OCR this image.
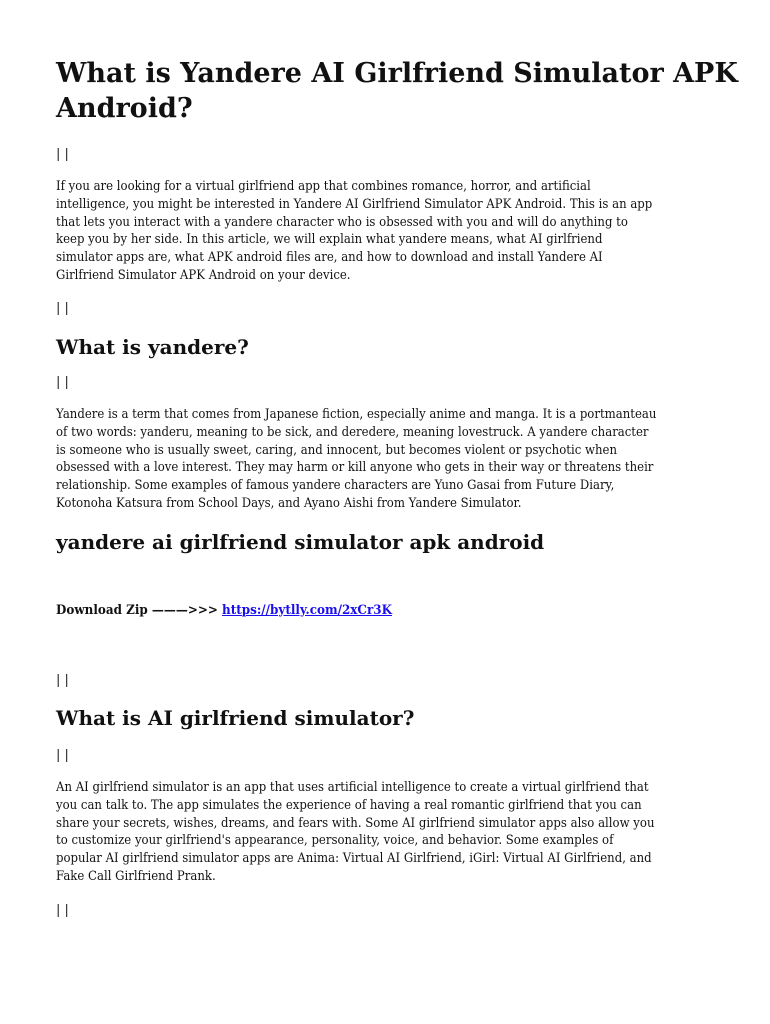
What is Yandere AI Girlfriend Simulator APK
Android?
| |
If you are looking for a virtual girlfriend app that combines romance, horror, and artificial
intelligence, you might be interested in Yandere AI Girlfriend Simulator APK Android. This is an app
that lets you interact with a yandere character who is obsessed with you and will do anything to
keep you by her side. In this article, we will explain what yandere means, what AI girlfriend
simulator apps are, what APK android files are, and how to download and install Yandere AI
Girlfriend Simulator APK Android on your device.
| |
What is yandere?
| |
Yandere is a term that comes from Japanese fiction, especially anime and manga. It is a portmanteau
of two words: yanderu, meaning to be sick, and deredere, meaning lovestruck. A yandere character
is someone who is usually sweet, caring, and innocent, but becomes violent or psychotic when
obsessed with a love interest. They may harm or kill anyone who gets in their way or threatens their
relationship. Some examples of famous yandere characters are Yuno Gasai from Future Diary,
Kotonoha Katsura from School Days, and Ayano Aishi from Yandere Simulator.
yandere ai girlfriend simulator apk android
Download Zip ———>>> https://bytlly.com/2xCr3K
| |
What is AI girlfriend simulator?
| |
An AI girlfriend simulator is an app that uses artificial intelligence to create a virtual girlfriend that
you can talk to. The app simulates the experience of having a real romantic girlfriend that you can
share your secrets, wishes, dreams, and fears with. Some AI girlfriend simulator apps also allow you
to customize your girlfriend's appearance, personality, voice, and behavior. Some examples of
popular AI girlfriend simulator apps are Anima: Virtual AI Girlfriend, iGirl: Virtual AI Girlfriend, and
Fake Call Girlfriend Prank.
| |
